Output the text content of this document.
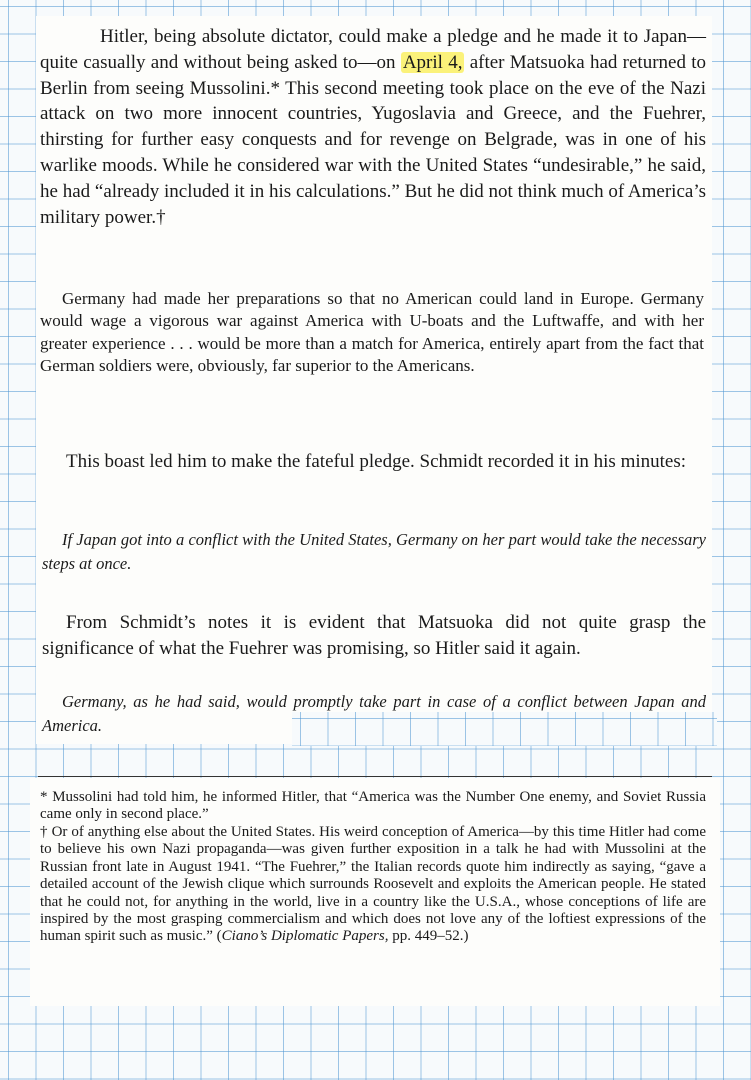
Hitler, being absolute dictator, could make a pledge and he made it to Japan—quite casually and without being asked to—on April 4, after Matsuoka had returned to Berlin from seeing Mussolini.* This second meeting took place on the eve of the Nazi attack on two more innocent countries, Yugoslavia and Greece, and the Fuehrer, thirsting for further easy conquests and for revenge on Belgrade, was in one of his warlike moods. While he considered war with the United States “undesirable,” he said, he had “already included it in his calculations.” But he did not think much of America’s military power.†

Germany had made her preparations so that no American could land in Europe. Germany would wage a vigorous war against America with U-boats and the Luftwaffe, and with her greater experience . . . would be more than a match for America, entirely apart from the fact that German soldiers were, obviously, far superior to the Americans.

This boast led him to make the fateful pledge. Schmidt recorded it in his minutes:

If Japan got into a conflict with the United States, Germany on her part would take the necessary steps at once.

From Schmidt’s notes it is evident that Matsuoka did not quite grasp the significance of what the Fuehrer was promising, so Hitler said it again.

Germany, as he had said, would promptly take part in case of a conflict between Japan and America.

* Mussolini had told him, he informed Hitler, that “America was the Number One enemy, and Soviet Russia came only in second place.”

† Or of anything else about the United States. His weird conception of America—by this time Hitler had come to believe his own Nazi propaganda—was given further exposition in a talk he had with Mussolini at the Russian front late in August 1941. “The Fuehrer,” the Italian records quote him indirectly as saying, “gave a detailed account of the Jewish clique which surrounds Roosevelt and exploits the American people. He stated that he could not, for anything in the world, live in a country like the U.S.A., whose conceptions of life are inspired by the most grasping commercialism and which does not love any of the loftiest expressions of the human spirit such as music.” (Ciano’s Diplomatic Papers, pp. 449–52.)
